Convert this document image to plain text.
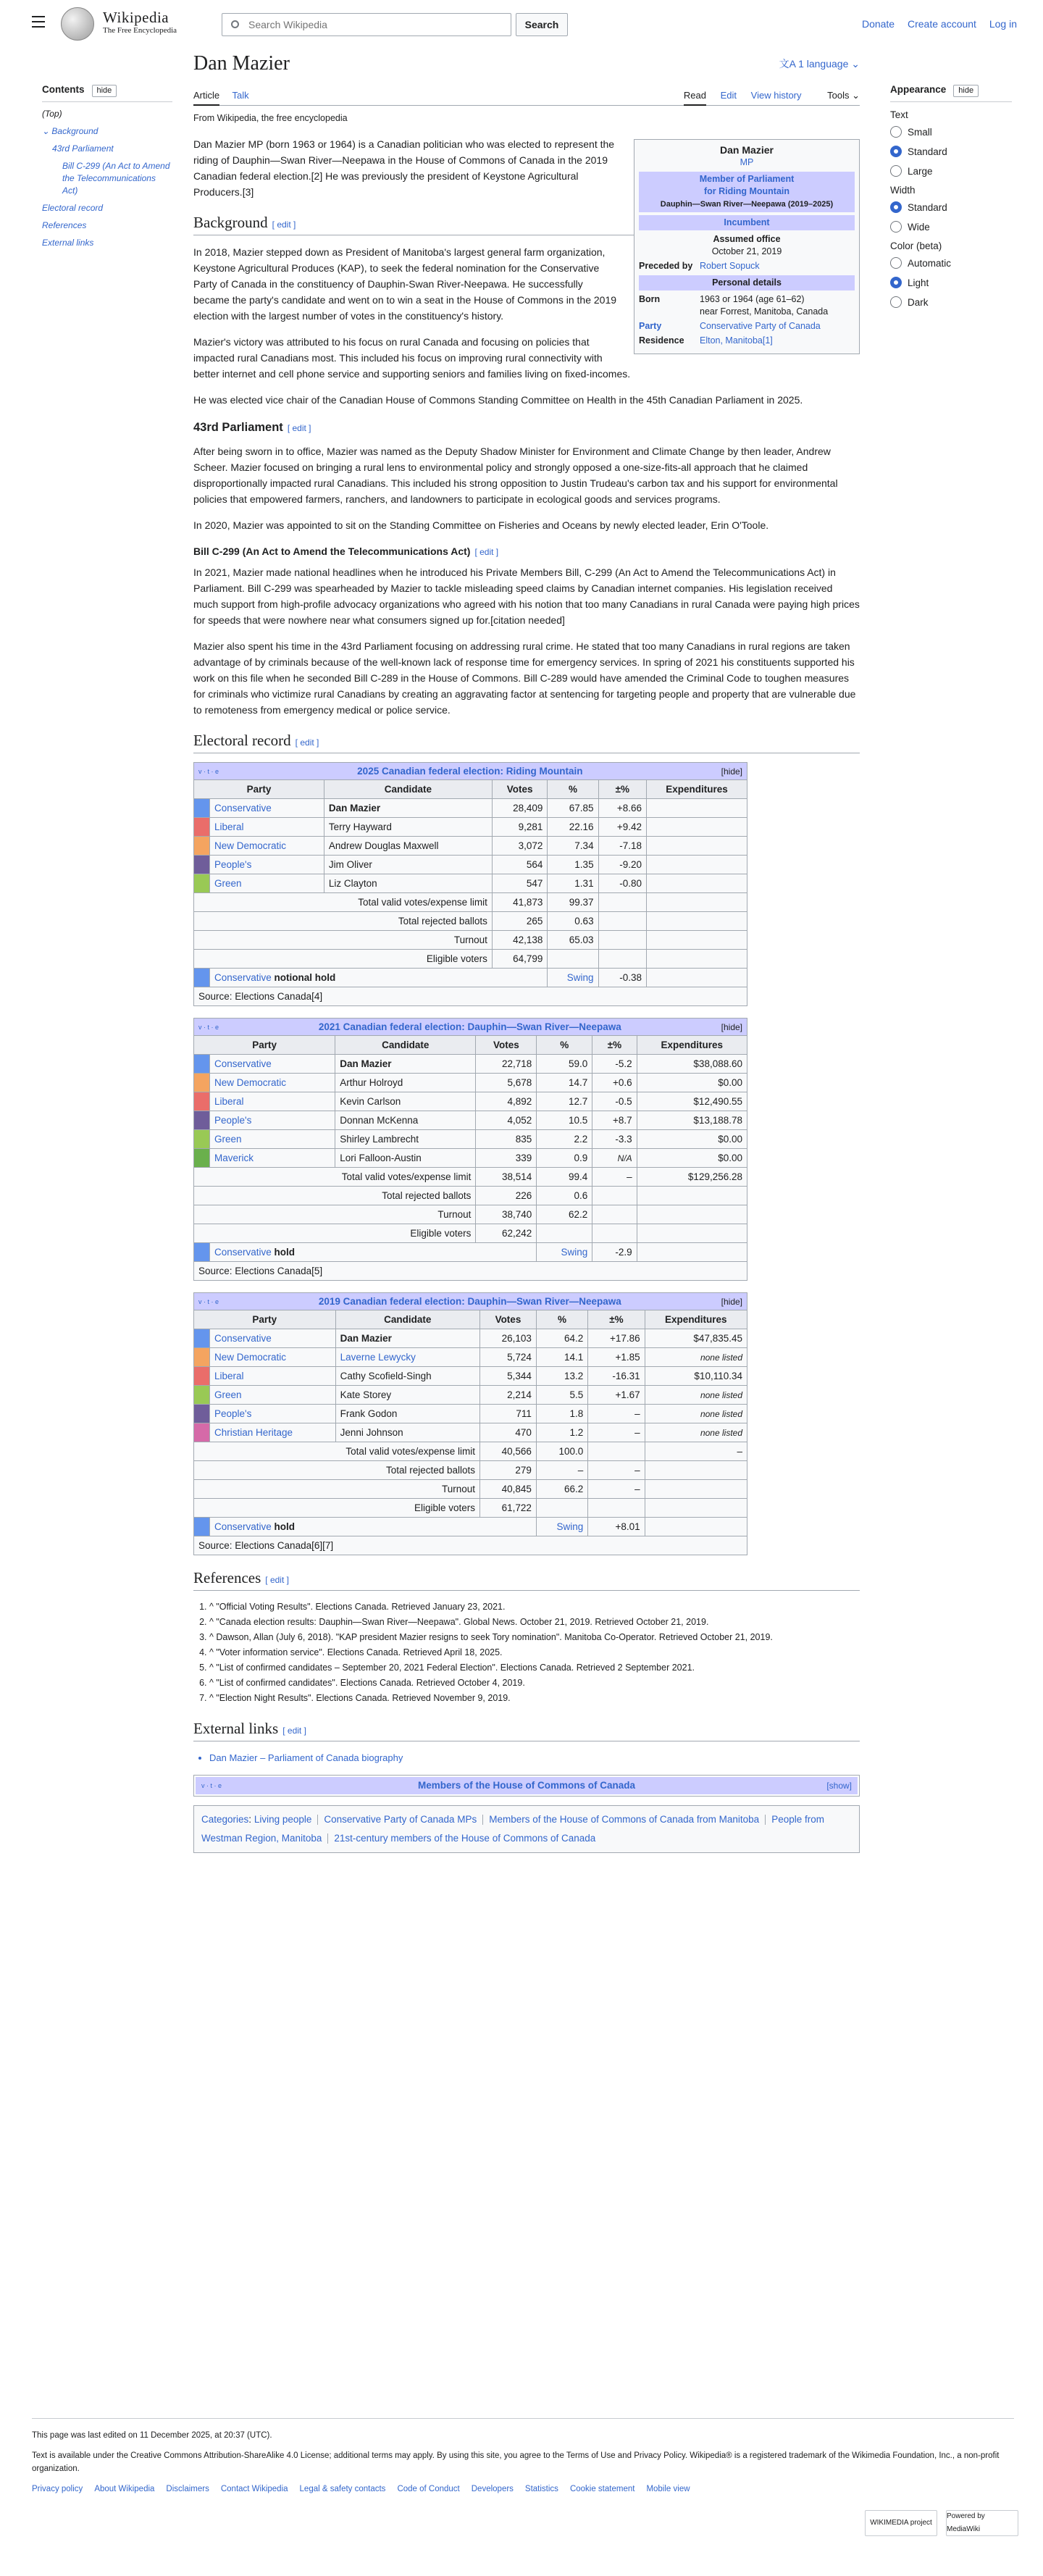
Wikipedia
The Free Encyclopedia
Search Wikipedia	Search	Donate Create account Log in
Contents hide
(Top)
⌄ Background
43rd Parliament
Bill C-299 (An Act to Amend the Telecommunications Act)
Electoral record
References
External links
Appearance hide
Text
Small
Standard
Large
Width
Standard
Wide
Color (beta)
Automatic
Light
Dark
Dan Mazier	文A 1 language ⌄
Article Talk	Read Edit View history	Tools ⌄
From Wikipedia, the free encyclopedia
Dan Mazier
MP
Member of Parliament
for Riding Mountain
Dauphin—Swan River—Neepawa (2019–2025)
Incumbent
Assumed office
October 21, 2019
Preceded by Robert Sopuck
Personal details
Born	1963 or 1964 (age 61–62)
near Forrest, Manitoba, Canada
Party	Conservative Party of Canada
Residence	Elton, Manitoba[1]

Dan Mazier MP (born 1963 or 1964) is a Canadian politician who was elected to represent the riding of Dauphin—Swan River—Neepawa in the House of Commons of Canada in the 2019 Canadian federal election.[2] He was previously the president of Keystone Agricultural Producers.[3]

Background [ edit ]

In 2018, Mazier stepped down as President of Manitoba's largest general farm organization, Keystone Agricultural Produces (KAP), to seek the federal nomination for the Conservative Party of Canada in the constituency of Dauphin-Swan River-Neepawa. He successfully became the party's candidate and went on to win a seat in the House of Commons in the 2019 election with the largest number of votes in the constituency's history.

Mazier's victory was attributed to his focus on rural Canada and focusing on policies that impacted rural Canadians most. This included his focus on improving rural connectivity with better internet and cell phone service and supporting seniors and families living on fixed-incomes.

He was elected vice chair of the Canadian House of Commons Standing Committee on Health in the 45th Canadian Parliament in 2025.

43rd Parliament [ edit ]

After being sworn in to office, Mazier was named as the Deputy Shadow Minister for Environment and Climate Change by then leader, Andrew Scheer. Mazier focused on bringing a rural lens to environmental policy and strongly opposed a one-size-fits-all approach that he claimed disproportionally impacted rural Canadians. This included his strong opposition to Justin Trudeau's carbon tax and his support for environmental policies that empowered farmers, ranchers, and landowners to participate in ecological goods and services programs.

In 2020, Mazier was appointed to sit on the Standing Committee on Fisheries and Oceans by newly elected leader, Erin O'Toole.

Bill C-299 (An Act to Amend the Telecommunications Act) [ edit ]

In 2021, Mazier made national headlines when he introduced his Private Members Bill, C-299 (An Act to Amend the Telecommunications Act) in Parliament. Bill C-299 was spearheaded by Mazier to tackle misleading speed claims by Canadian internet companies. His legislation received much support from high-profile advocacy organizations who agreed with his notion that too many Canadians in rural Canada were paying high prices for speeds that were nowhere near what consumers signed up for.[citation needed]

Mazier also spent his time in the 43rd Parliament focusing on addressing rural crime. He stated that too many Canadians in rural regions are taken advantage of by criminals because of the well-known lack of response time for emergency services. In spring of 2021 his constituents supported his work on this file when he seconded Bill C-289 in the House of Commons. Bill C-289 would have amended the Criminal Code to toughen measures for criminals who victimize rural Canadians by creating an aggravating factor at sentencing for targeting people and property that are vulnerable due to remoteness from emergency medical or police service.

Electoral record [ edit ]
v · t · e [hide]
2025 Canadian federal election: Riding Mountain						
Party		Candidate	Votes	%	±%	Expenditures
	Conservative	Dan Mazier	28,409	67.85	+8.66	
	Liberal	Terry Hayward	9,281	22.16	+9.42	
	New Democratic	Andrew Douglas Maxwell	3,072	7.34	-7.18	
	People's	Jim Oliver	564	1.35	-9.20	
	Green	Liz Clayton	547	1.31	-0.80	
Total valid votes/expense limit			41,873	99.37		
Total rejected ballots			265	0.63		
Turnout			42,138	65.03		
Eligible voters			64,799			
	Conservative notional hold			Swing	-0.38	
Source: Elections Canada[4]						
v · t · e [hide]
2021 Canadian federal election: Dauphin—Swan River—Neepawa						
Party		Candidate	Votes	%	±%	Expenditures
	Conservative	Dan Mazier	22,718	59.0	-5.2	$38,088.60
	New Democratic	Arthur Holroyd	5,678	14.7	+0.6	$0.00
	Liberal	Kevin Carlson	4,892	12.7	-0.5	$12,490.55
	People's	Donnan McKenna	4,052	10.5	+8.7	$13,188.78
	Green	Shirley Lambrecht	835	2.2	-3.3	$0.00
	Maverick	Lori Falloon-Austin	339	0.9	N/A	$0.00
Total valid votes/expense limit			38,514	99.4	–	$129,256.28
Total rejected ballots			226	0.6		
Turnout			38,740	62.2		
Eligible voters			62,242			
	Conservative hold			Swing	-2.9	
Source: Elections Canada[5]						
v · t · e [hide]
2019 Canadian federal election: Dauphin—Swan River—Neepawa						
Party		Candidate	Votes	%	±%	Expenditures
	Conservative	Dan Mazier	26,103	64.2	+17.86	$47,835.45
	New Democratic	Laverne Lewycky	5,724	14.1	+1.85	none listed
	Liberal	Cathy Scofield-Singh	5,344	13.2	-16.31	$10,110.34
	Green	Kate Storey	2,214	5.5	+1.67	none listed
	People's	Frank Godon	711	1.8	–	none listed
	Christian Heritage	Jenni Johnson	470	1.2	–	none listed
Total valid votes/expense limit			40,566	100.0		–
Total rejected ballots			279	–	–	
Turnout			40,845	66.2	–	
Eligible voters			61,722			
	Conservative hold			Swing	+8.01	
Source: Elections Canada[6][7]						
References [ edit ]
1. ^ "Official Voting Results". Elections Canada. Retrieved January 23, 2021.
2. ^ "Canada election results: Dauphin—Swan River—Neepawa". Global News. October 21, 2019. Retrieved October 21, 2019.
3. ^ Dawson, Allan (July 6, 2018). "KAP president Mazier resigns to seek Tory nomination". Manitoba Co-Operator. Retrieved October 21, 2019.
4. ^ "Voter information service". Elections Canada. Retrieved April 18, 2025.
5. ^ "List of confirmed candidates – September 20, 2021 Federal Election". Elections Canada. Retrieved 2 September 2021.
6. ^ "List of confirmed candidates". Elections Canada. Retrieved October 4, 2019.
7. ^ "Election Night Results". Elections Canada. Retrieved November 9, 2019.
External links [ edit ]
• Dan Mazier – Parliament of Canada biography
v · t · e	Members of the House of Commons of Canada	[show]
Categories: Living people Conservative Party of Canada MPs Members of the House of Commons of Canada from Manitoba People from Westman Region, Manitoba 21st-century members of the House of Commons of Canada

This page was last edited on 11 December 2025, at 20:37 (UTC).

Text is available under the Creative Commons Attribution-ShareAlike 4.0 License; additional terms may apply. By using this site, you agree to the Terms of Use and Privacy Policy. Wikipedia® is a registered trademark of the Wikimedia Foundation, Inc., a non-profit organization.

Privacy policy About Wikipedia Disclaimers Contact Wikipedia Legal & safety contacts Code of Conduct Developers Statistics Cookie statement Mobile view
WIKIMEDIA project
Powered by MediaWiki
